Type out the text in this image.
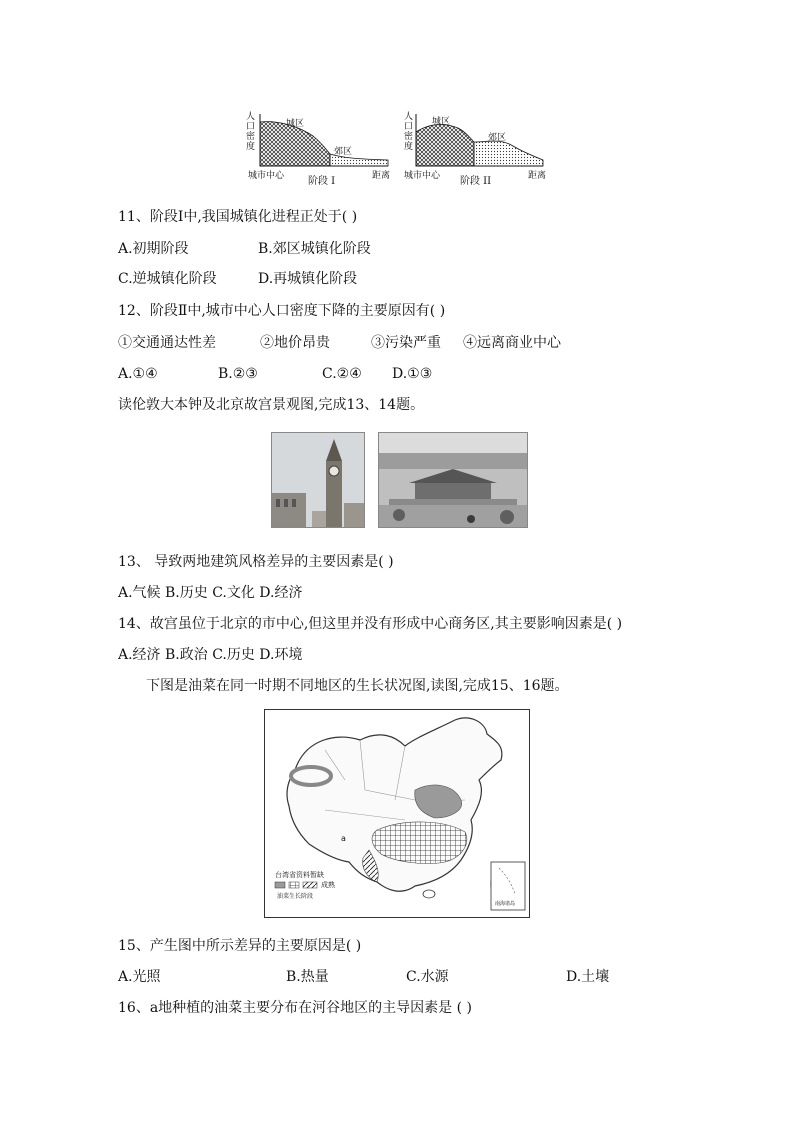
人
口
密
度
城区
郊区
城市中心 阶段 I	距离
人
口
密
度
城区
郊区
城市中心 阶段 II	距离
11、阶段Ⅰ中,我国城镇化进程正处于( )
A.初期阶段	B.郊区城镇化阶段
C.逆城镇化阶段	D.再城镇化阶段
12、阶段Ⅱ中,城市中心人口密度下降的主要原因有( )
①交通通达性差	②地价昂贵	③污染严重 ④远离商业中心
A.①④	B.②③	C.②④ D.①③
读伦敦大本钟及北京故宫景观图,完成13、14题。
13、 导致两地建筑风格差异的主要因素是( )
A.气候 B.历史 C.文化 D.经济
14、故宫虽位于北京的市中心,但这里并没有形成中心商务区,其主要影响因素是( )
A.经济 B.政治 C.历史 D.环境
下图是油菜在同一时期不同地区的生长状况图,读图,完成15、16题。
台湾省资料暂缺
成熟
油菜生长阶段
a
南海诸岛
15、产生图中所示差异的主要原因是( )
A.光照	B.热量	C.水源	D.土壤
16、a地种植的油菜主要分布在河谷地区的主导因素是 ( )
